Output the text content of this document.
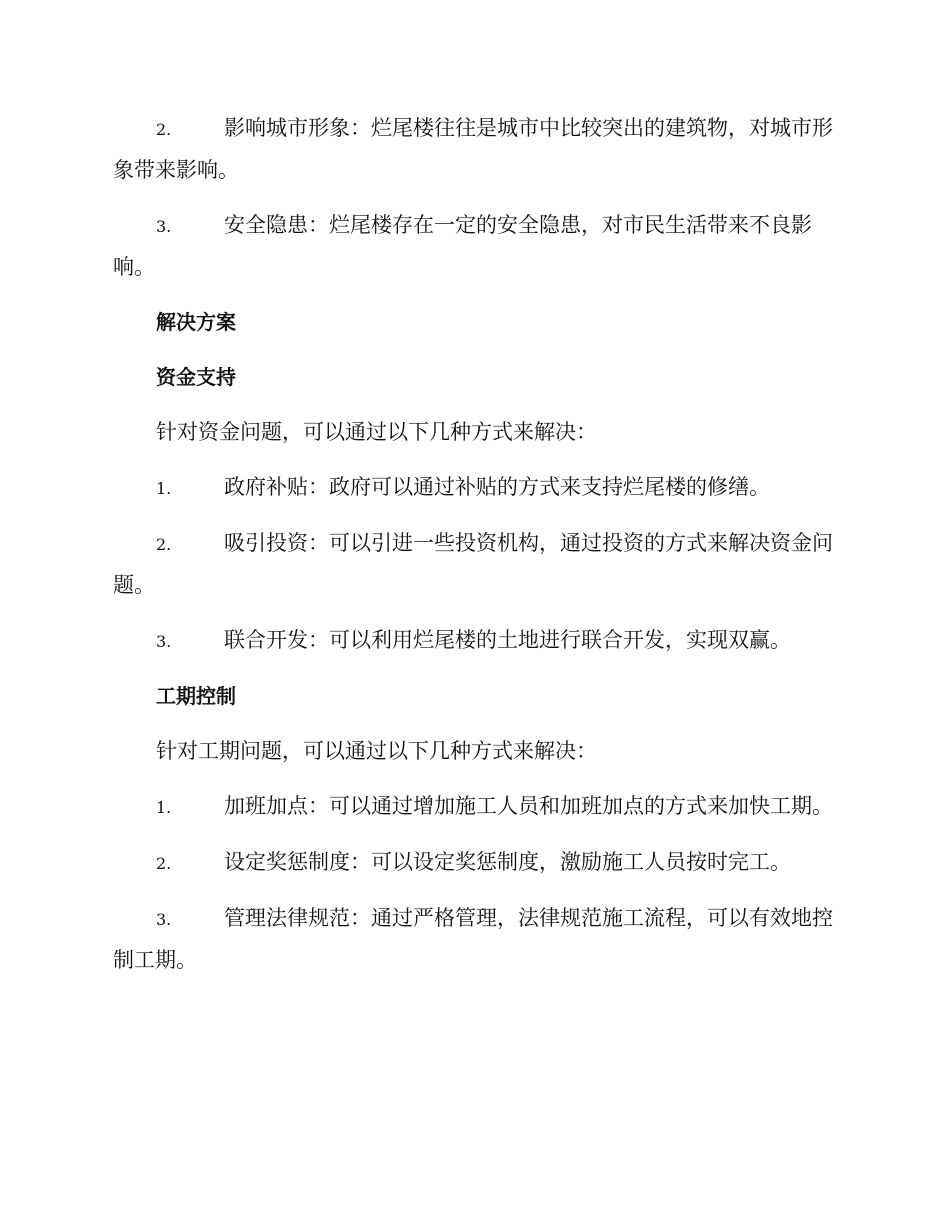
2.	影响城市形象：烂尾楼往往是城市中比较突出的建筑物，对城市形象带来影响。

3.	安全隐患：烂尾楼存在一定的安全隐患，对市民生活带来不良影响。

解决方案

资金支持

针对资金问题，可以通过以下几种方式来解决：

1.	政府补贴：政府可以通过补贴的方式来支持烂尾楼的修缮。

2.	吸引投资：可以引进一些投资机构，通过投资的方式来解决资金问题。

3.	联合开发：可以利用烂尾楼的土地进行联合开发，实现双赢。

工期控制

针对工期问题，可以通过以下几种方式来解决：

1.	加班加点：可以通过增加施工人员和加班加点的方式来加快工期。

2.	设定奖惩制度：可以设定奖惩制度，激励施工人员按时完工。

3.	管理法律规范：通过严格管理，法律规范施工流程，可以有效地控制工期。
